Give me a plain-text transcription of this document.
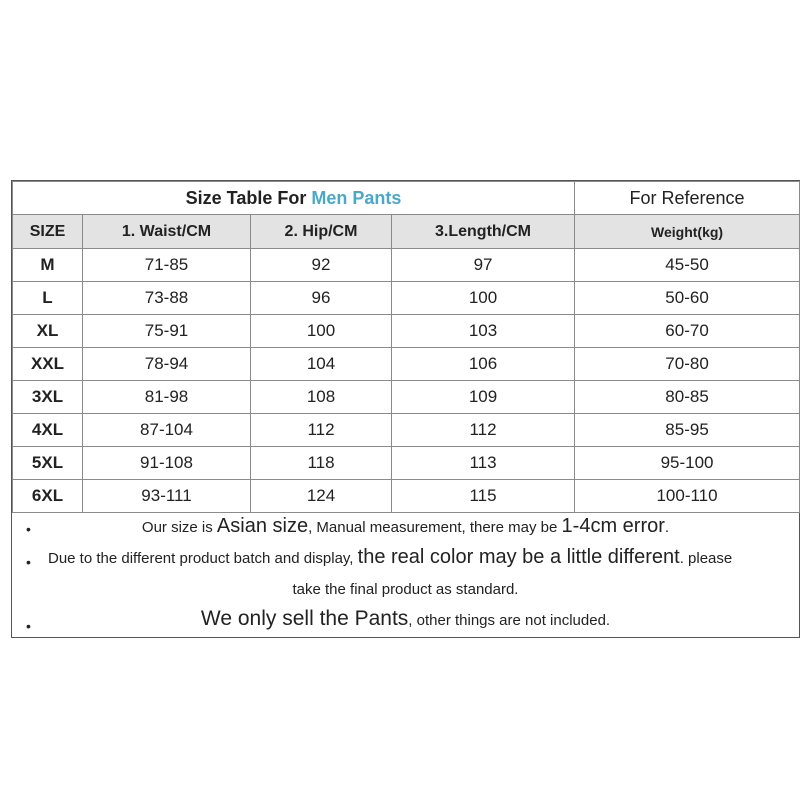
Size Table For Men Pants				For Reference
SIZE	1. Waist/CM	2. Hip/CM	3.Length/CM	Weight(kg)
M	71-85	92	97	45-50
L	73-88	96	100	50-60
XL	75-91	100	103	60-70
XXL	78-94	104	106	70-80
3XL	81-98	108	109	80-85
4XL	87-104	112	112	85-95
5XL	91-108	118	113	95-100
6XL	93-111	124	115	100-110
•	Our size is Asian size, Manual measurement, there may be 1-4cm error.
• Due to the different product batch and display, the real color may be a little different. please
take the final product as standard.
•	We only sell the Pants, other things are not included.
